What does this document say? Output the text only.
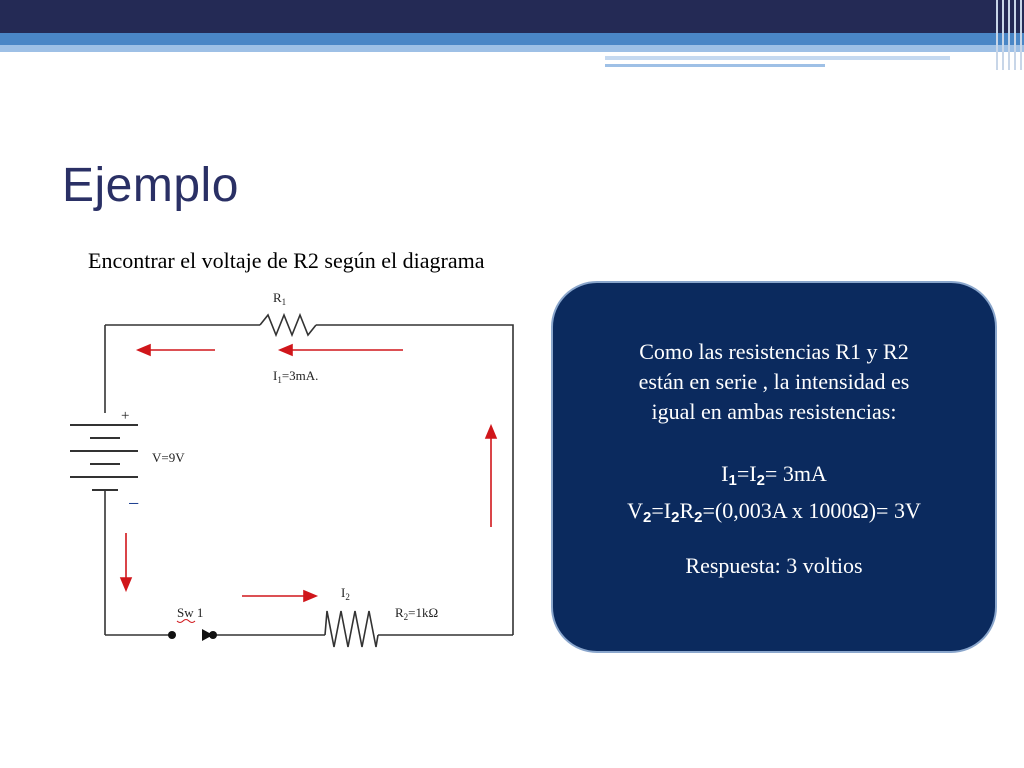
Ejemplo
Encontrar el voltaje de R2 según el diagrama
$R_1$
$I_1=3mA$.
+
−
V=9V
Sw 1
$I_2$
$R_2=1k\Omega$

Como las resistencias R1 y R2

están en serie , la intensidad es

igual en ambas resistencias:

$I_1=I_2= 3mA$

$V_2=I_2R_2=(0,003A$ x 1000Ω)= 3V

Respuesta: 3 voltios
